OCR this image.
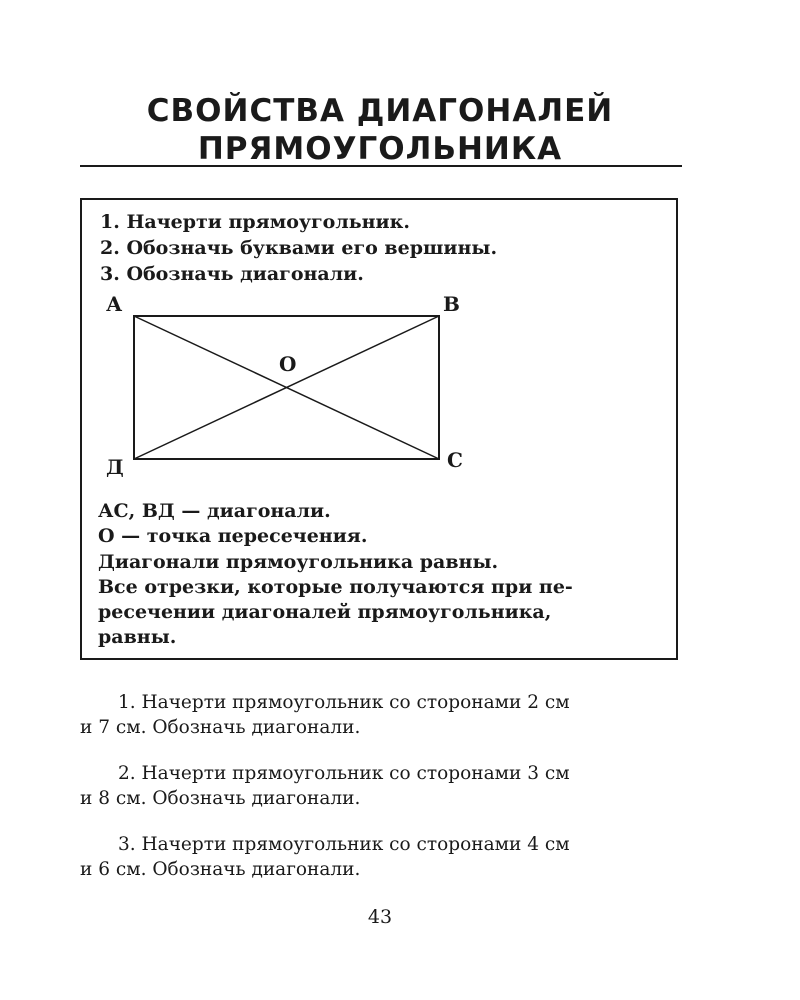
СВОЙСТВА ДИАГОНАЛЕЙ
ПРЯМОУГОЛЬНИКА
1. Начерти прямоугольник.
2. Обозначь буквами его вершины.
3. Обозначь диагонали.
А	В
О
Д	С
АС, ВД — диагонали.
О — точка пересечения.
Диагонали прямоугольника равны.
Все отрезки, которые получаются при пе-
ресечении диагоналей прямоугольника,
равны.
1. Начерти прямоугольник со сторонами 2 см
и 7 см. Обозначь диагонали.
2. Начерти прямоугольник со сторонами 3 см
и 8 см. Обозначь диагонали.
3. Начерти прямоугольник со сторонами 4 см
и 6 см. Обозначь диагонали.
43
